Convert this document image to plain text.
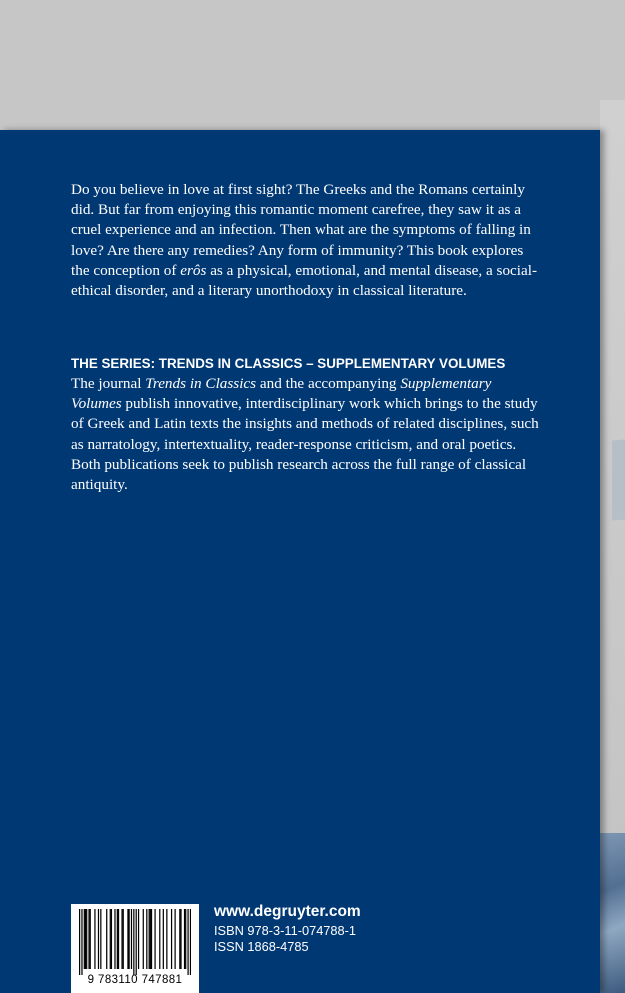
Do you believe in love at first sight? The Greeks and the Romans certainly did. But far from enjoying this romantic moment carefree, they saw it as a cruel experience and an infection. Then what are the symptoms of falling in love? Are there any remedies? Any form of immunity? This book explores the conception of erôs as a physical, emotional, and mental disease, a social-ethical disorder, and a literary unorthodoxy in classical literature.

THE SERIES: TRENDS IN CLASSICS – SUPPLEMENTARY VOLUMES

The journal Trends in Classics and the accompanying Supplementary Volumes publish innovative, interdisciplinary work which brings to the study of Greek and Latin texts the insights and methods of related disciplines, such as narratology, intertextuality, reader-response criticism, and oral poetics. Both publications seek to publish research across the full range of classical antiquity.

9 783110 747881

www.degruyter.com

ISBN 978-3-11-074788-1

ISSN 1868-4785
